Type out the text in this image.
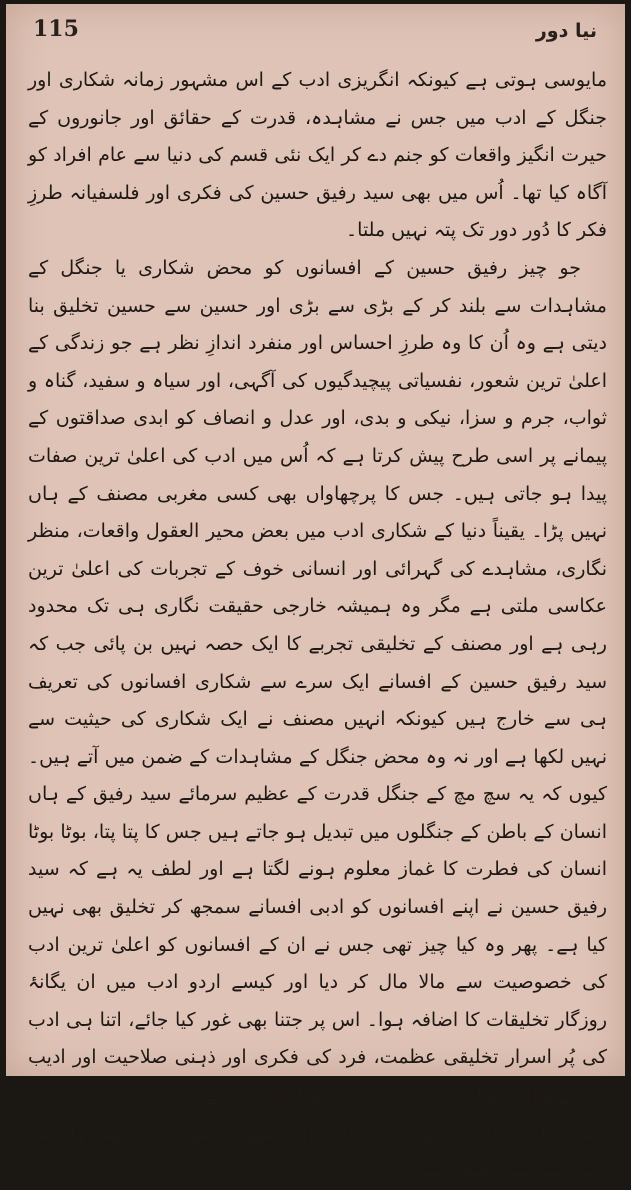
115	نیا دور

مایوسی ہوتی ہے کیونکہ انگریزی ادب کے اس مشہور زمانہ شکاری اور جنگل کے ادب میں جس نے مشاہدہ، قدرت کے حقائق اور جانوروں کے حیرت انگیز واقعات کو جنم دے کر ایک نئی قسم کی دنیا سے عام افراد کو آگاہ کیا تھا۔ اُس میں بھی سید رفیق حسین کی فکری اور فلسفیانہ طرزِ فکر کا دُور دور تک پتہ نہیں ملتا۔

جو چیز رفیق حسین کے افسانوں کو محض شکاری یا جنگل کے مشاہدات سے بلند کر کے بڑی سے بڑی اور حسین سے حسین تخلیق بنا دیتی ہے وہ اُن کا وہ طرزِ احساس اور منفرد اندازِ نظر ہے جو زندگی کے اعلیٰ ترین شعور، نفسیاتی پیچیدگیوں کی آگہی، اور سیاہ و سفید، گناہ و ثواب، جرم و سزا، نیکی و بدی، اور عدل و انصاف کو ابدی صداقتوں کے پیمانے پر اسی طرح پیش کرتا ہے کہ اُس میں ادب کی اعلیٰ ترین صفات پیدا ہو جاتی ہیں۔ جس کا پرچھاواں بھی کسی مغربی مصنف کے ہاں نہیں پڑا۔ یقیناً دنیا کے شکاری ادب میں بعض محیر العقول واقعات، منظر نگاری، مشاہدے کی گہرائی اور انسانی خوف کے تجربات کی اعلیٰ ترین عکاسی ملتی ہے مگر وہ ہمیشہ خارجی حقیقت نگاری ہی تک محدود رہی ہے اور مصنف کے تخلیقی تجربے کا ایک حصہ نہیں بن پائی جب کہ سید رفیق حسین کے افسانے ایک سرے سے شکاری افسانوں کی تعریف ہی سے خارج ہیں کیونکہ انہیں مصنف نے ایک شکاری کی حیثیت سے نہیں لکھا ہے اور نہ وہ محض جنگل کے مشاہدات کے ضمن میں آتے ہیں۔ کیوں کہ یہ سچ مچ کے جنگل قدرت کے عظیم سرمائے سید رفیق کے ہاں انسان کے باطن کے جنگلوں میں تبدیل ہو جاتے ہیں جس کا پتا پتا، بوٹا بوٹا انسان کی فطرت کا غماز معلوم ہونے لگتا ہے اور لطف یہ ہے کہ سید رفیق حسین نے اپنے افسانوں کو ادبی افسانے سمجھ کر تخلیق بھی نہیں کیا ہے۔ پھر وہ کیا چیز تھی جس نے ان کے افسانوں کو اعلیٰ ترین ادب کی خصوصیت سے مالا مال کر دیا اور کیسے اردو ادب میں ان یگانۂ روزگار تخلیقات کا اضافہ ہوا۔ اس پر جتنا بھی غور کیا جائے، اتنا ہی ادب کی پُر اسرار تخلیقی عظمت، فرد کی فکری اور ذہنی صلاحیت اور ادیب کی بے مثال انفرادیت کا نقش گہرا ہوتا چلا جاتا ہے۔

حسن کا اجتماعی شعور کی درانتی اور ہتھوڑے سے دُور کا بھی واسطہ نہیں ہے سید رفیق حسین
